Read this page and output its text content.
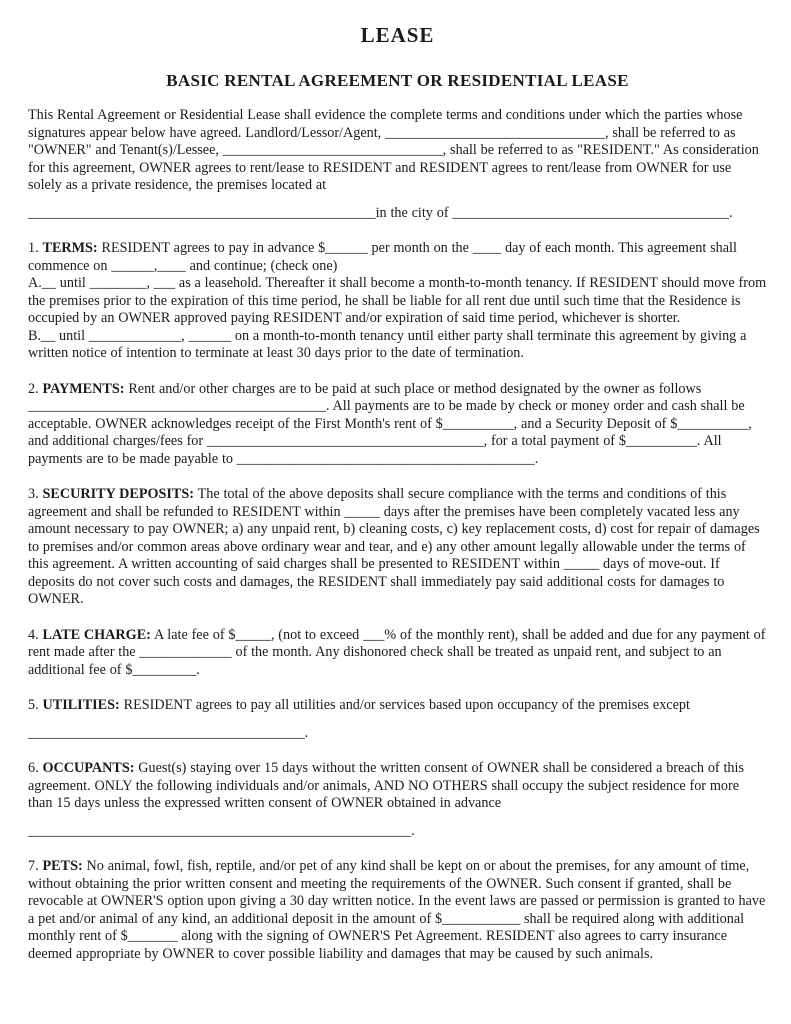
LEASE
BASIC RENTAL AGREEMENT OR RESIDENTIAL LEASE

This Rental Agreement or Residential Lease shall evidence the complete terms and conditions under which the parties whose signatures appear below have agreed. Landlord/Lessor/Agent, _______________________________, shall be referred to as "OWNER" and Tenant(s)/Lessee, _______________________________, shall be referred to as "RESIDENT." As consideration for this agreement, OWNER agrees to rent/lease to RESIDENT and RESIDENT agrees to rent/lease from OWNER for use solely as a private residence, the premises located at

_________________________________________________in the city of _______________________________________.

1. TERMS: RESIDENT agrees to pay in advance $______ per month on the ____ day of each month. This agreement shall commence on ______,____ and continue; (check one)

A.__ until ________, ___ as a leasehold. Thereafter it shall become a month-to-month tenancy. If RESIDENT should move from the premises prior to the expiration of this time period, he shall be liable for all rent due until such time that the Residence is occupied by an OWNER approved paying RESIDENT and/or expiration of said time period, whichever is shorter.

B.__ until _____________, ______ on a month-to-month tenancy until either party shall terminate this agreement by giving a written notice of intention to terminate at least 30 days prior to the date of termination.

2. PAYMENTS: Rent and/or other charges are to be paid at such place or method designated by the owner as follows __________________________________________. All payments are to be made by check or money order and cash shall be acceptable. OWNER acknowledges receipt of the First Month's rent of $__________, and a Security Deposit of $__________, and additional charges/fees for _______________________________________, for a total payment of $__________. All payments are to be made payable to __________________________________________.

3. SECURITY DEPOSITS: The total of the above deposits shall secure compliance with the terms and conditions of this agreement and shall be refunded to RESIDENT within _____ days after the premises have been completely vacated less any amount necessary to pay OWNER; a) any unpaid rent, b) cleaning costs, c) key replacement costs, d) cost for repair of damages to premises and/or common areas above ordinary wear and tear, and e) any other amount legally allowable under the terms of this agreement. A written accounting of said charges shall be presented to RESIDENT within _____ days of move-out. If deposits do not cover such costs and damages, the RESIDENT shall immediately pay said additional costs for damages to OWNER.

4. LATE CHARGE: A late fee of $_____, (not to exceed ___% of the monthly rent), shall be added and due for any payment of rent made after the _____________ of the month. Any dishonored check shall be treated as unpaid rent, and subject to an additional fee of $_________.

5. UTILITIES: RESIDENT agrees to pay all utilities and/or services based upon occupancy of the premises except

_______________________________________.

6. OCCUPANTS: Guest(s) staying over 15 days without the written consent of OWNER shall be considered a breach of this agreement. ONLY the following individuals and/or animals, AND NO OTHERS shall occupy the subject residence for more than 15 days unless the expressed written consent of OWNER obtained in advance

______________________________________________________.

7. PETS: No animal, fowl, fish, reptile, and/or pet of any kind shall be kept on or about the premises, for any amount of time, without obtaining the prior written consent and meeting the requirements of the OWNER. Such consent if granted, shall be revocable at OWNER'S option upon giving a 30 day written notice. In the event laws are passed or permission is granted to have a pet and/or animal of any kind, an additional deposit in the amount of $___________ shall be required along with additional monthly rent of $_______ along with the signing of OWNER'S Pet Agreement. RESIDENT also agrees to carry insurance deemed appropriate by OWNER to cover possible liability and damages that may be caused by such animals.
